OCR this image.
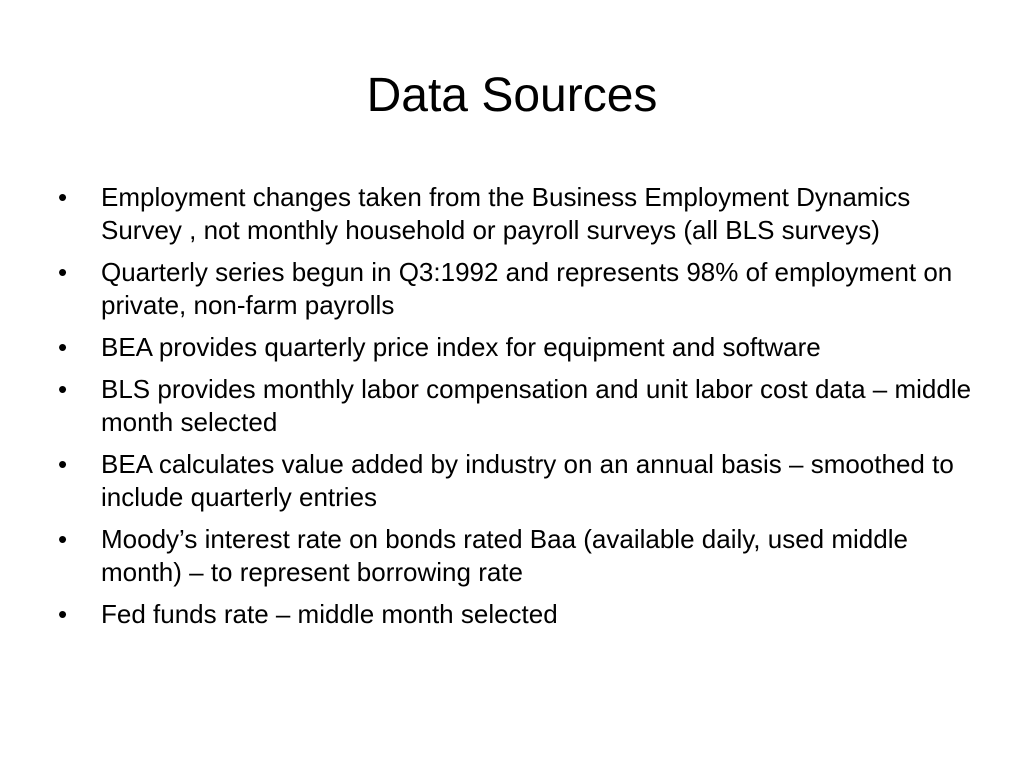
Data Sources
•	Employment changes taken from the Business Employment Dynamics Survey , not monthly household or payroll surveys (all BLS surveys)
•	Quarterly series begun in Q3:1992 and represents 98% of employment on private, non-farm payrolls
•	BEA provides quarterly price index for equipment and software
•	BLS provides monthly labor compensation and unit labor cost data – middle month selected
•	BEA calculates value added by industry on an annual basis – smoothed to include quarterly entries
•	Moody’s interest rate on bonds rated Baa (available daily, used middle month) – to represent borrowing rate
•	Fed funds rate – middle month selected
